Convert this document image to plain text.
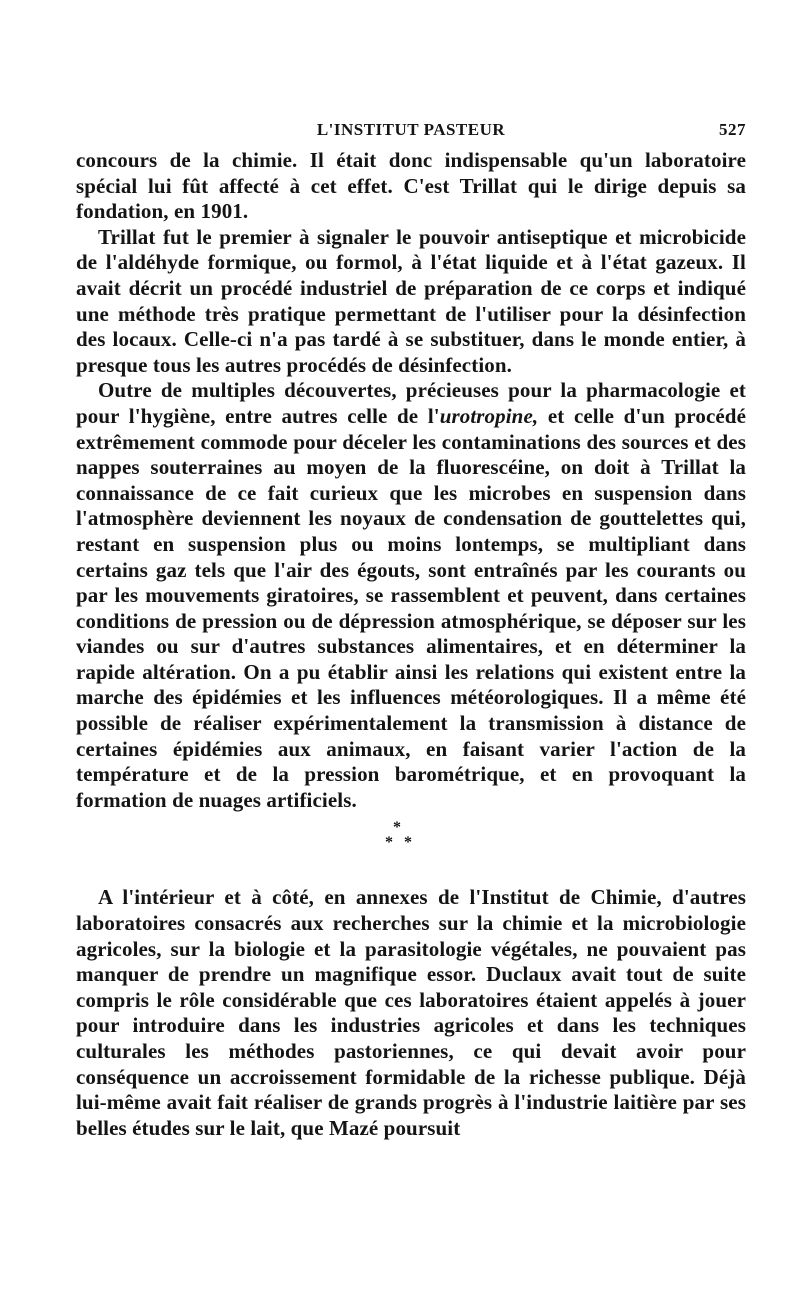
L'INSTITUT PASTEUR	527

concours de la chimie. Il était donc indispensable qu'un laboratoire spécial lui fût affecté à cet effet. C'est Trillat qui le dirige depuis sa fondation, en 1901.

Trillat fut le premier à signaler le pouvoir antiseptique et microbicide de l'aldéhyde formique, ou formol, à l'état liquide et à l'état gazeux. Il avait décrit un procédé industriel de préparation de ce corps et indiqué une méthode très pratique permettant de l'utiliser pour la désinfection des locaux. Celle-ci n'a pas tardé à se substituer, dans le monde entier, à presque tous les autres procédés de désinfection.

Outre de multiples découvertes, précieuses pour la pharmacologie et pour l'hygiène, entre autres celle de l'urotropine, et celle d'un procédé extrêmement commode pour déceler les contaminations des sources et des nappes souterraines au moyen de la fluorescéine, on doit à Trillat la connaissance de ce fait curieux que les microbes en suspension dans l'atmosphère deviennent les noyaux de condensation de gouttelettes qui, restant en suspension plus ou moins lontemps, se multipliant dans certains gaz tels que l'air des égouts, sont entraînés par les courants ou par les mouvements giratoires, se rassemblent et peuvent, dans certaines conditions de pression ou de dépression atmosphérique, se déposer sur les viandes ou sur d'autres substances alimentaires, et en déterminer la rapide altération. On a pu établir ainsi les relations qui existent entre la marche des épidémies et les influences météorologiques. Il a même été possible de réaliser expérimentalement la transmission à distance de certaines épidémies aux animaux, en faisant varier l'action de la température et de la pression barométrique, et en provoquant la formation de nuages artificiels.

*
* *

A l'intérieur et à côté, en annexes de l'Institut de Chimie, d'autres laboratoires consacrés aux recherches sur la chimie et la microbiologie agricoles, sur la biologie et la parasitologie végétales, ne pouvaient pas manquer de prendre un magnifique essor. Duclaux avait tout de suite compris le rôle considérable que ces laboratoires étaient appelés à jouer pour introduire dans les industries agricoles et dans les techniques culturales les méthodes pastoriennes, ce qui devait avoir pour conséquence un accroissement formidable de la richesse publique. Déjà lui-même avait fait réaliser de grands progrès à l'industrie laitière par ses belles études sur le lait, que Mazé poursuit
